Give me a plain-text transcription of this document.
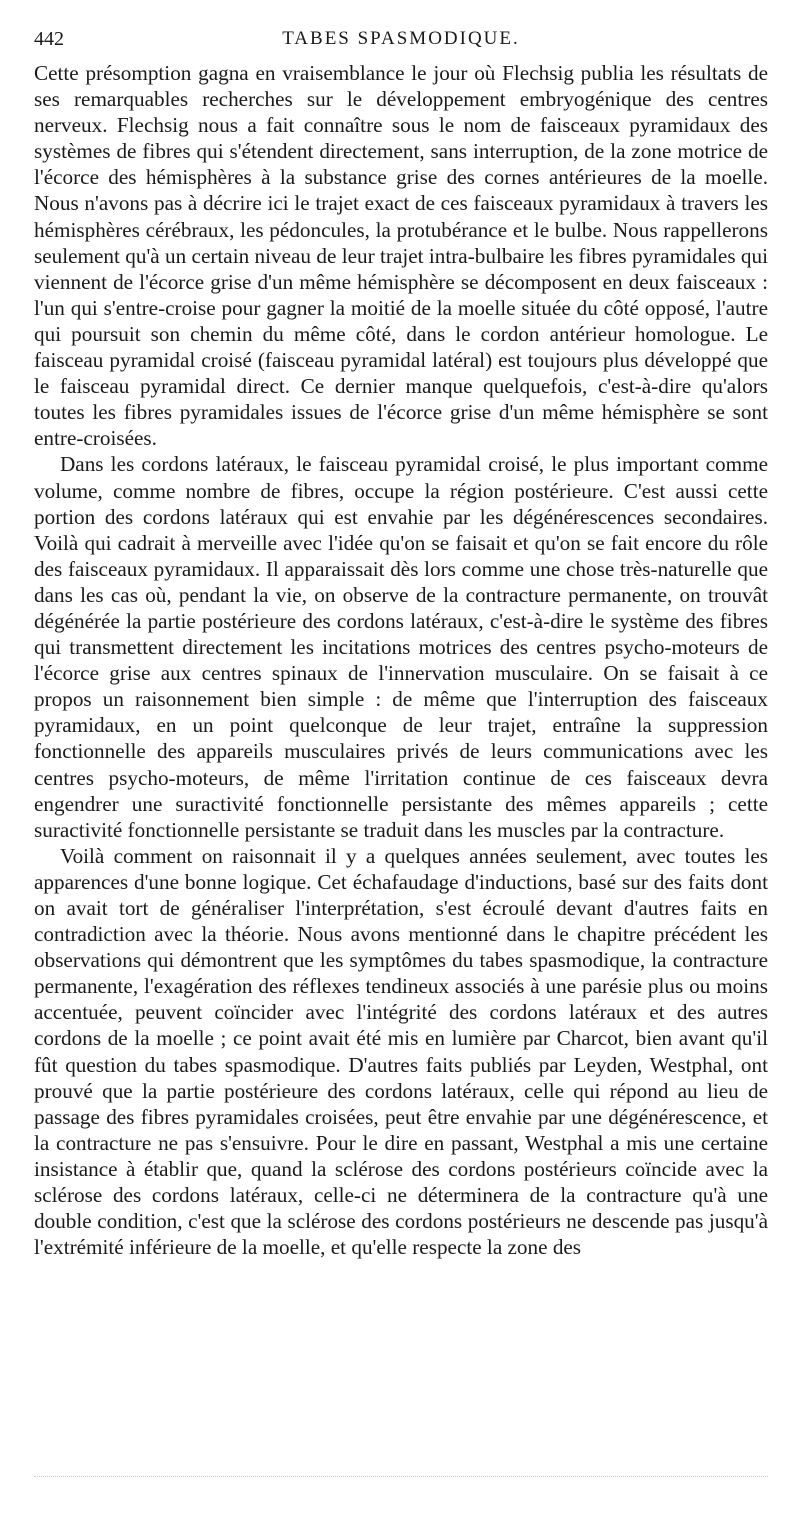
442	TABES SPASMODIQUE.

Cette présomption gagna en vraisemblance le jour où Flechsig publia les résultats de ses remarquables recherches sur le développement embryogénique des centres nerveux. Flechsig nous a fait connaître sous le nom de faisceaux pyramidaux des systèmes de fibres qui s'étendent directement, sans interruption, de la zone motrice de l'écorce des hémisphères à la substance grise des cornes antérieures de la moelle. Nous n'avons pas à décrire ici le trajet exact de ces faisceaux pyramidaux à travers les hémisphères cérébraux, les pédoncules, la protubérance et le bulbe. Nous rappellerons seulement qu'à un certain niveau de leur trajet intra-bulbaire les fibres pyramidales qui viennent de l'écorce grise d'un même hémisphère se décomposent en deux faisceaux : l'un qui s'entre-croise pour gagner la moitié de la moelle située du côté opposé, l'autre qui poursuit son chemin du même côté, dans le cordon antérieur homologue. Le faisceau pyramidal croisé (faisceau pyramidal latéral) est toujours plus développé que le faisceau pyramidal direct. Ce dernier manque quelquefois, c'est-à-dire qu'alors toutes les fibres pyramidales issues de l'écorce grise d'un même hémisphère se sont entre-croisées.

Dans les cordons latéraux, le faisceau pyramidal croisé, le plus important comme volume, comme nombre de fibres, occupe la région postérieure. C'est aussi cette portion des cordons latéraux qui est envahie par les dégénérescences secondaires. Voilà qui cadrait à merveille avec l'idée qu'on se faisait et qu'on se fait encore du rôle des faisceaux pyramidaux. Il apparaissait dès lors comme une chose très-naturelle que dans les cas où, pendant la vie, on observe de la contracture permanente, on trouvât dégénérée la partie postérieure des cordons latéraux, c'est-à-dire le système des fibres qui transmettent directement les incitations motrices des centres psycho-moteurs de l'écorce grise aux centres spinaux de l'innervation musculaire. On se faisait à ce propos un raisonnement bien simple : de même que l'interruption des faisceaux pyramidaux, en un point quelconque de leur trajet, entraîne la suppression fonctionnelle des appareils musculaires privés de leurs communications avec les centres psycho-moteurs, de même l'irritation continue de ces faisceaux devra engendrer une suractivité fonctionnelle persistante des mêmes appareils ; cette suractivité fonctionnelle persistante se traduit dans les muscles par la contracture.

Voilà comment on raisonnait il y a quelques années seulement, avec toutes les apparences d'une bonne logique. Cet échafaudage d'inductions, basé sur des faits dont on avait tort de généraliser l'interprétation, s'est écroulé devant d'autres faits en contradiction avec la théorie. Nous avons mentionné dans le chapitre précédent les observations qui démontrent que les symptômes du tabes spasmodique, la contracture permanente, l'exagération des réflexes tendineux associés à une parésie plus ou moins accentuée, peuvent coïncider avec l'intégrité des cordons latéraux et des autres cordons de la moelle ; ce point avait été mis en lumière par Charcot, bien avant qu'il fût question du tabes spasmodique. D'autres faits publiés par Leyden, Westphal, ont prouvé que la partie postérieure des cordons latéraux, celle qui répond au lieu de passage des fibres pyramidales croisées, peut être envahie par une dégénérescence, et la contracture ne pas s'ensuivre. Pour le dire en passant, Westphal a mis une certaine insistance à établir que, quand la sclérose des cordons postérieurs coïncide avec la sclérose des cordons latéraux, celle-ci ne déterminera de la contracture qu'à une double condition, c'est que la sclérose des cordons postérieurs ne descende pas jusqu'à l'extrémité inférieure de la moelle, et qu'elle respecte la zone des
